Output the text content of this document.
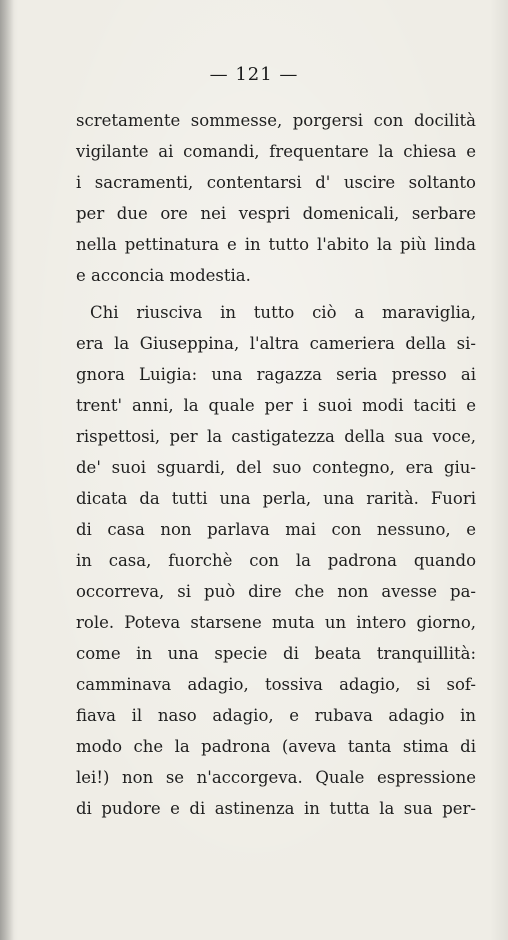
— 121 —
scretamente sommesse, porgersi con docilità
vigilante ai comandi, frequentare la chiesa e
i sacramenti, contentarsi d' uscire soltanto
per due ore nei vespri domenicali, serbare
nella pettinatura e in tutto l'abito la più linda
e acconcia modestia.
Chi riusciva in tutto ciò a maraviglia,
era la Giuseppina, l'altra cameriera della si-
gnora Luigia: una ragazza seria presso ai
trent' anni, la quale per i suoi modi taciti e
rispettosi, per la castigatezza della sua voce,
de' suoi sguardi, del suo contegno, era giu-
dicata da tutti una perla, una rarità. Fuori
di casa non parlava mai con nessuno, e
in casa, fuorchè con la padrona quando
occorreva, si può dire che non avesse pa-
role. Poteva starsene muta un intero giorno,
come in una specie di beata tranquillità:
camminava adagio, tossiva adagio, si sof-
fiava il naso adagio, e rubava adagio in
modo che la padrona (aveva tanta stima di
lei!) non se n'accorgeva. Quale espressione
di pudore e di astinenza in tutta la sua per-
